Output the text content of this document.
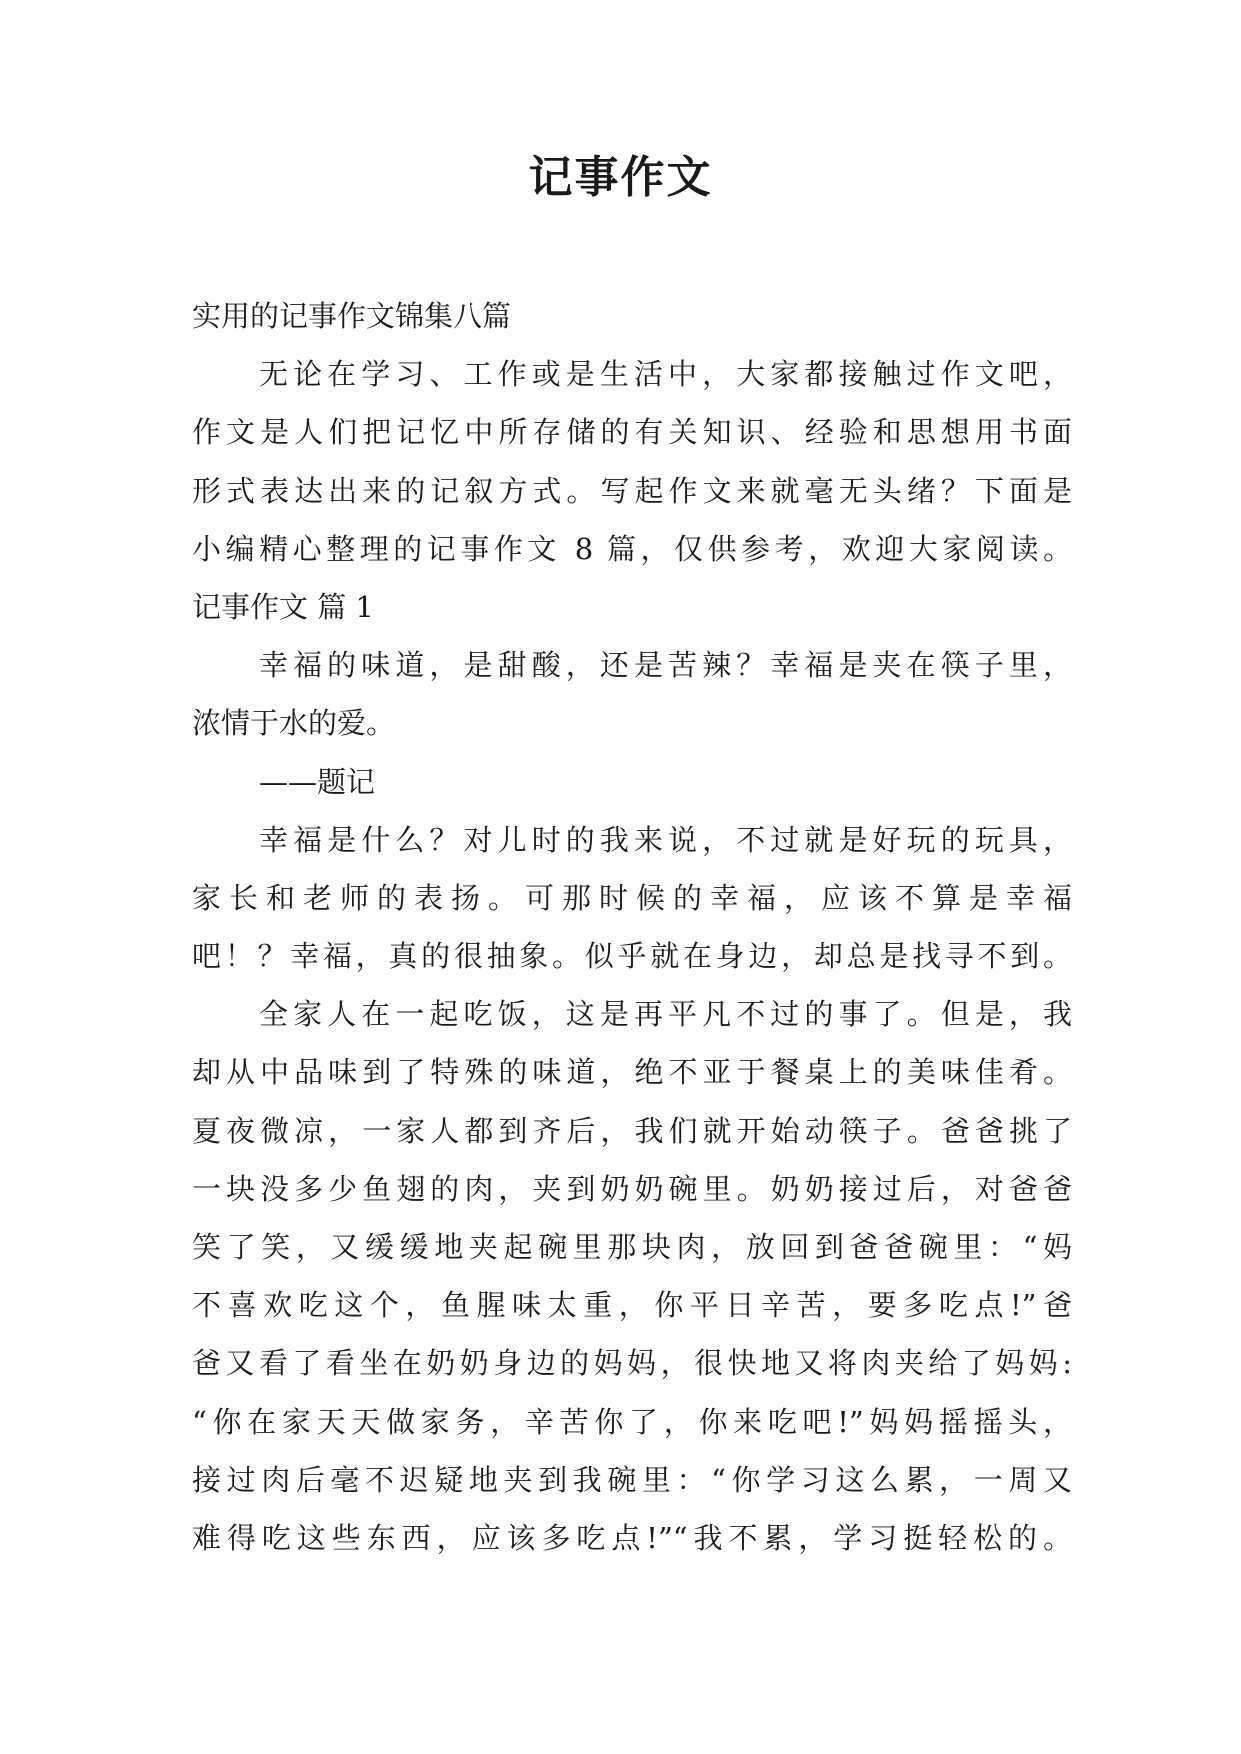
记事作文
实用的记事作文锦集八篇
无论在学习、工作或是生活中，大家都接触过作文吧，
作文是人们把记忆中所存储的有关知识、经验和思想用书面
形式表达出来的记叙方式。写起作文来就毫无头绪？下面是
小编精心整理的记事作文 8 篇，仅供参考，欢迎大家阅读。
记事作文 篇 1
幸福的味道，是甜酸，还是苦辣？幸福是夹在筷子里，
浓情于水的爱。
——题记
幸福是什么？对儿时的我来说，不过就是好玩的玩具，
家长和老师的表扬。可那时候的幸福，应该不算是幸福
吧！？幸福，真的很抽象。似乎就在身边，却总是找寻不到。
全家人在一起吃饭，这是再平凡不过的事了。但是，我
却从中品味到了特殊的味道，绝不亚于餐桌上的美味佳肴。
夏夜微凉，一家人都到齐后，我们就开始动筷子。爸爸挑了
一块没多少鱼翅的肉，夹到奶奶碗里。奶奶接过后，对爸爸
笑了笑，又缓缓地夹起碗里那块肉，放回到爸爸碗里：“妈
不喜欢吃这个，鱼腥味太重，你平日辛苦，要多吃点!”爸
爸又看了看坐在奶奶身边的妈妈，很快地又将肉夹给了妈妈:
“你在家天天做家务，辛苦你了，你来吃吧!”妈妈摇摇头，
接过肉后毫不迟疑地夹到我碗里：“你学习这么累，一周又
难得吃这些东西，应该多吃点!”“我不累，学习挺轻松的。
